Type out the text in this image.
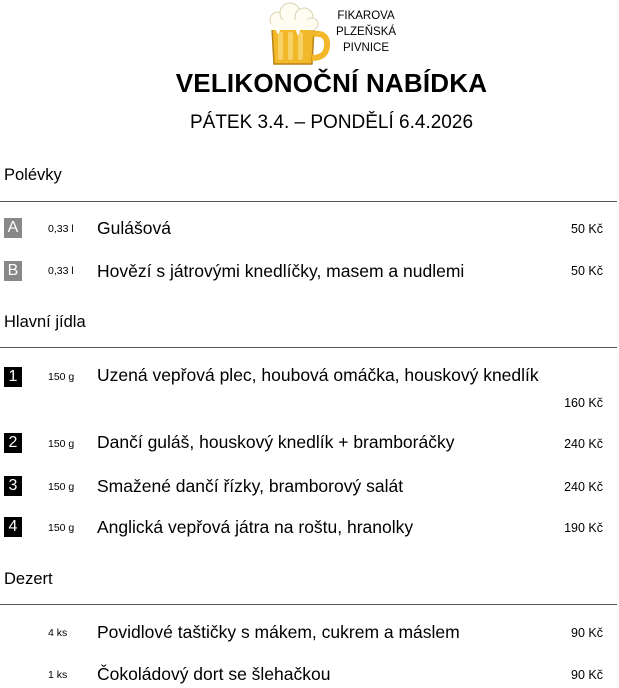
FIKAROVA
PLZEŇSKÁ
PIVNICE
VELIKONOČNÍ NABÍDKA
PÁTEK 3.4. – PONDĚLÍ 6.4.2026
Polévky
A	0,33 l Gulášová	50 Kč
B	0,33 l Hovězí s játrovými knedlíčky, masem a nudlemi	50 Kč
Hlavní jídla
1	150 g Uzená vepřová plec, houbová omáčka, houskový knedlík
160 Kč
2	150 g Dančí guláš, houskový knedlík + bramboráčky	240 Kč
3	150 g Smažené dančí řízky, bramborový salát	240 Kč
4	150 g Anglická vepřová játra na roštu, hranolky	190 Kč
Dezert
4 ks Povidlové taštičky s mákem, cukrem a máslem	90 Kč
1 ks Čokoládový dort se šlehačkou	90 Kč
